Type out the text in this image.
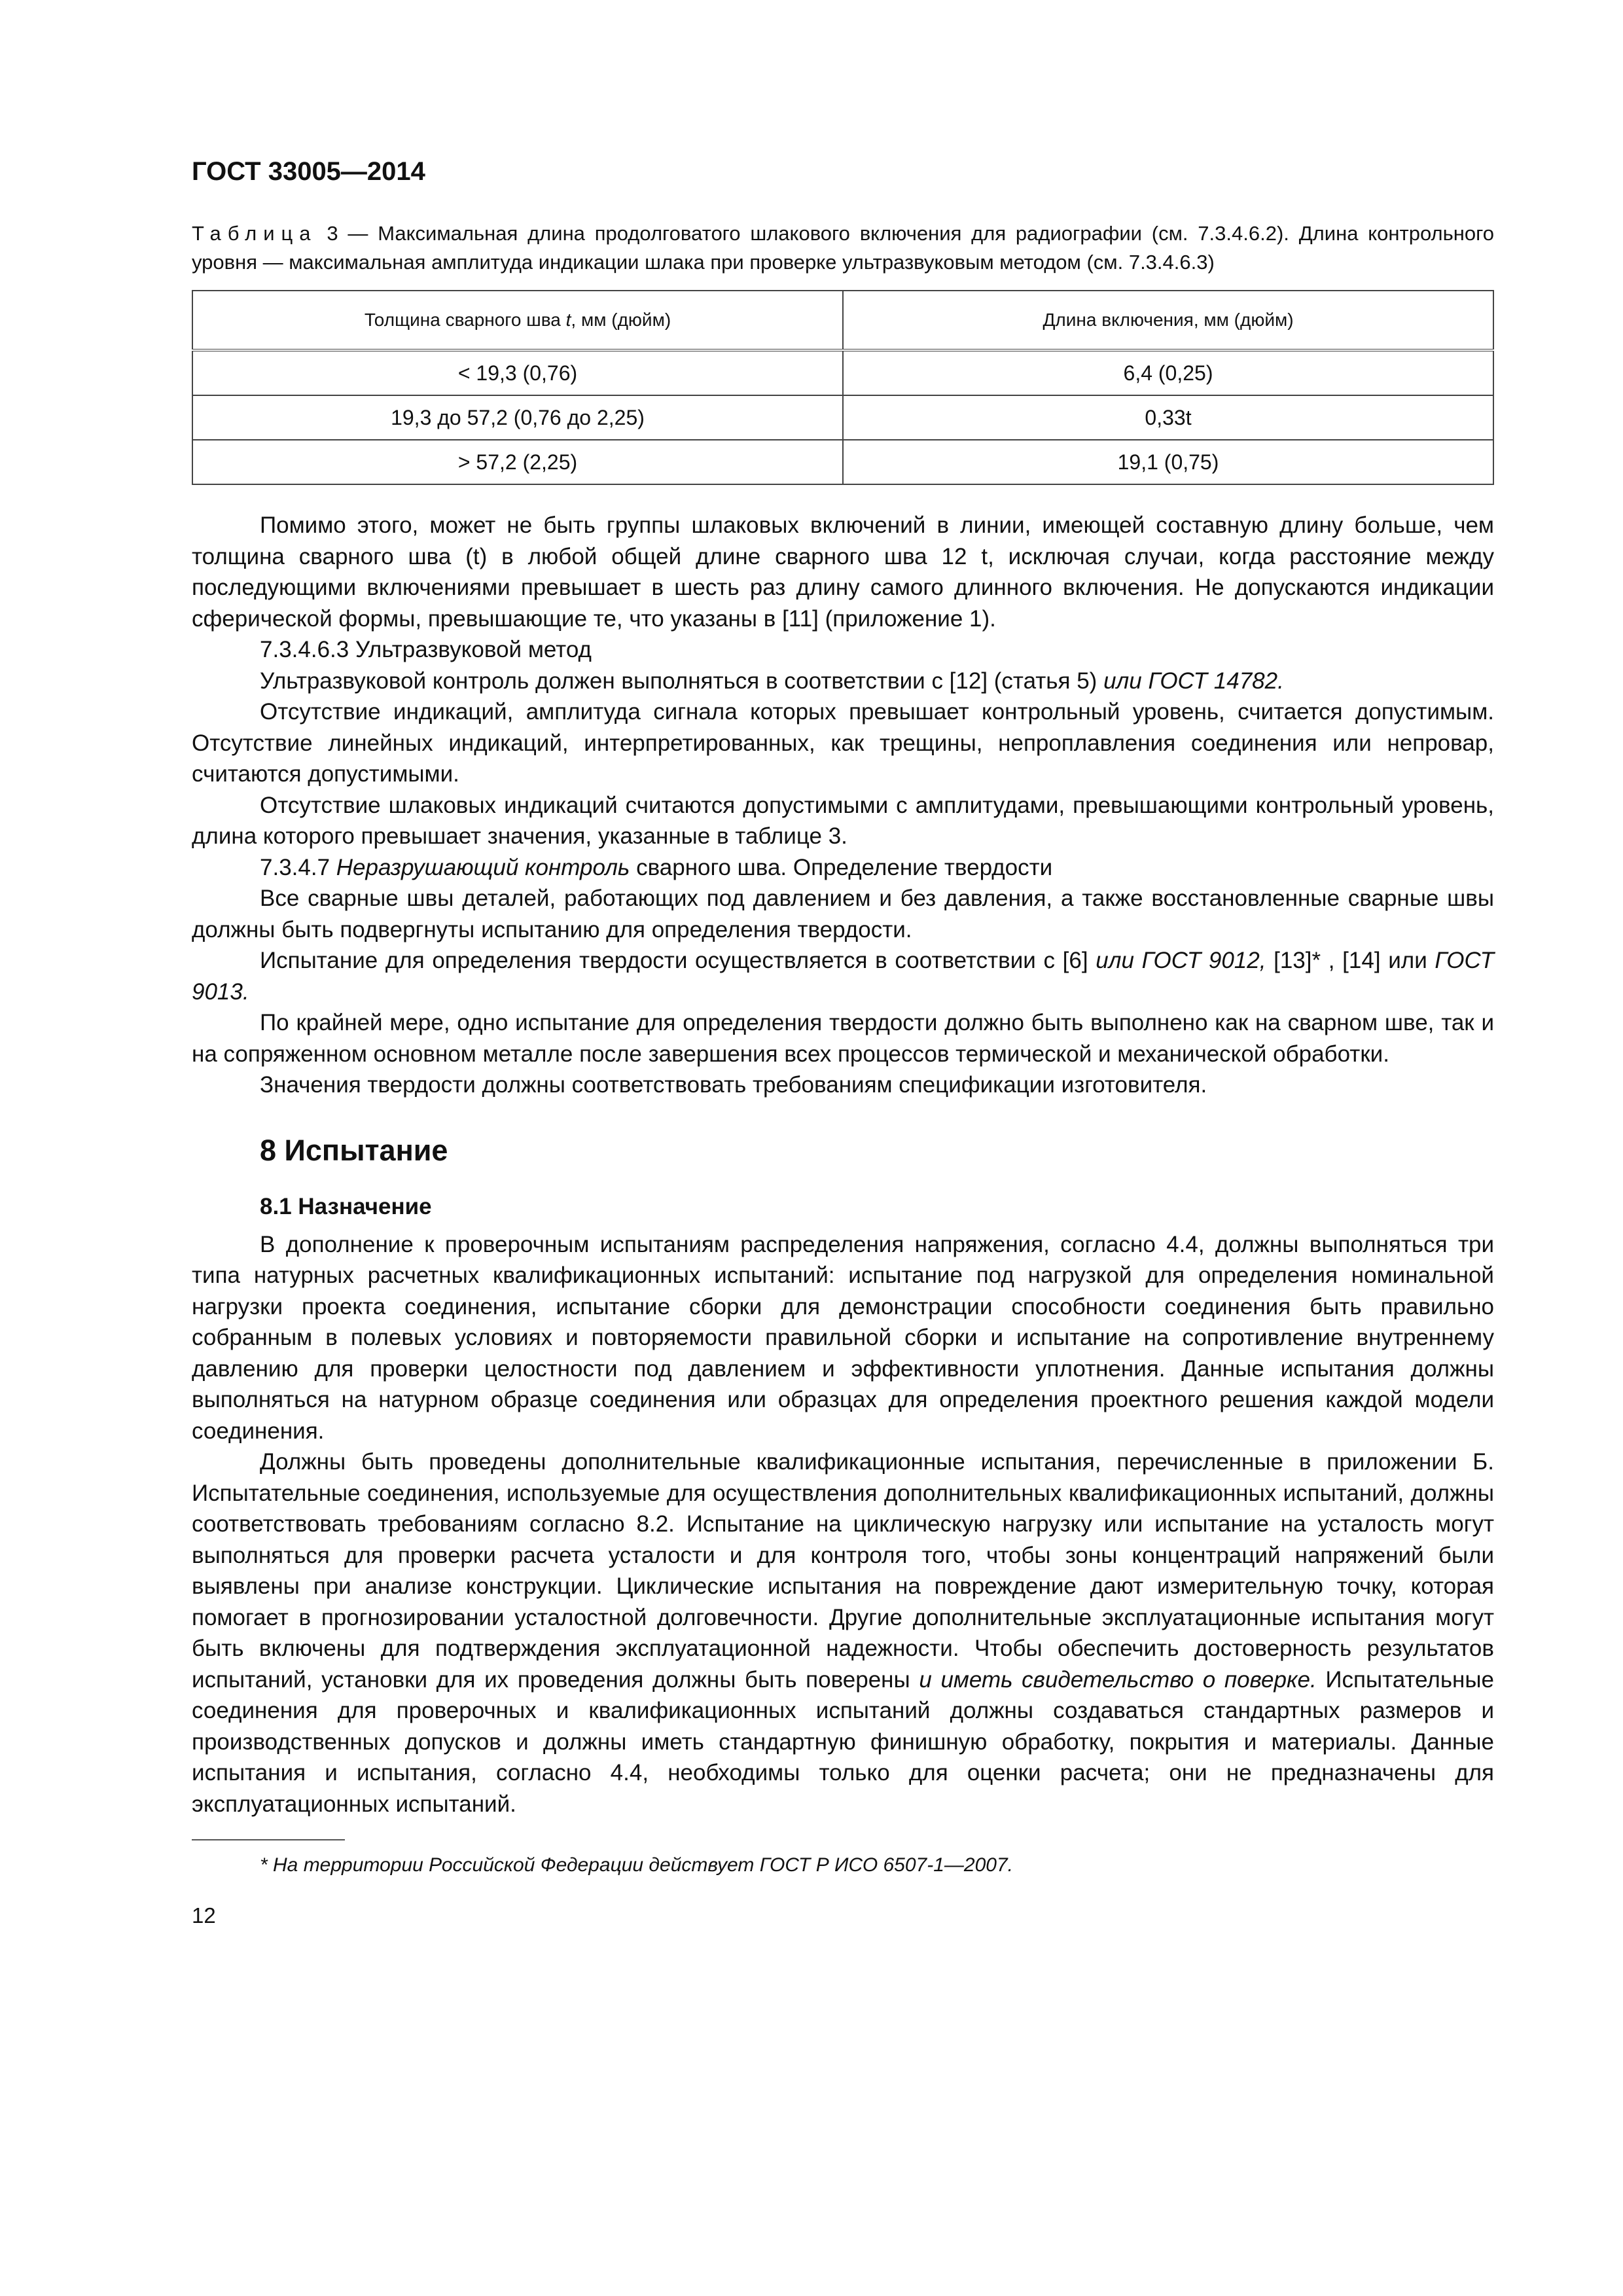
ГОСТ 33005—2014
Таблица 3 — Максимальная длина продолговатого шлакового включения для радиографии (см. 7.3.4.6.2). Длина контрольного уровня — максимальная амплитуда индикации шлака при проверке ультразвуковым методом (см. 7.3.4.6.3)
Толщина сварного шва t, мм (дюйм)	Длина включения, мм (дюйм)
< 19,3 (0,76)	6,4 (0,25)
19,3 до 57,2 (0,76 до 2,25)	0,33t
> 57,2 (2,25)	19,1 (0,75)

Помимо этого, может не быть группы шлаковых включений в линии, имеющей составную длину больше, чем толщина сварного шва (t) в любой общей длине сварного шва 12 t, исключая случаи, когда расстояние между последующими включениями превышает в шесть раз длину самого длинного включения. Не допускаются индикации сферической формы, превышающие те, что указаны в [11] (приложение 1).

7.3.4.6.3 Ультразвуковой метод

Ультразвуковой контроль должен выполняться в соответствии с [12] (статья 5) или ГОСТ 14782.

Отсутствие индикаций, амплитуда сигнала которых превышает контрольный уровень, считается допустимым. Отсутствие линейных индикаций, интерпретированных, как трещины, непроплавления соединения или непровар, считаются допустимыми.

Отсутствие шлаковых индикаций считаются допустимыми с амплитудами, превышающими контрольный уровень, длина которого превышает значения, указанные в таблице 3.

7.3.4.7 Неразрушающий контроль сварного шва. Определение твердости

Все сварные швы деталей, работающих под давлением и без давления, а также восстановленные сварные швы должны быть подвергнуты испытанию для определения твердости.

Испытание для определения твердости осуществляется в соответствии с [6] или ГОСТ 9012, [13]* , [14] или ГОСТ 9013.

По крайней мере, одно испытание для определения твердости должно быть выполнено как на сварном шве, так и на сопряженном основном металле после завершения всех процессов термической и механической обработки.

Значения твердости должны соответствовать требованиям спецификации изготовителя.

8 Испытание
8.1 Назначение

В дополнение к проверочным испытаниям распределения напряжения, согласно 4.4, должны выполняться три типа натурных расчетных квалификационных испытаний: испытание под нагрузкой для определения номинальной нагрузки проекта соединения, испытание сборки для демонстрации способности соединения быть правильно собранным в полевых условиях и повторяемости правильной сборки и испытание на сопротивление внутреннему давлению для проверки целостности под давлением и эффективности уплотнения. Данные испытания должны выполняться на натурном образце соединения или образцах для определения проектного решения каждой модели соединения.

Должны быть проведены дополнительные квалификационные испытания, перечисленные в приложении Б. Испытательные соединения, используемые для осуществления дополнительных квалификационных испытаний, должны соответствовать требованиям согласно 8.2. Испытание на циклическую нагрузку или испытание на усталость могут выполняться для проверки расчета усталости и для контроля того, чтобы зоны концентраций напряжений были выявлены при анализе конструкции. Циклические испытания на повреждение дают измерительную точку, которая помогает в прогнозировании усталостной долговечности. Другие дополнительные эксплуатационные испытания могут быть включены для подтверждения эксплуатационной надежности. Чтобы обеспечить достоверность результатов испытаний, установки для их проведения должны быть поверены и иметь свидетельство о поверке. Испытательные соединения для проверочных и квалификационных испытаний должны создаваться стандартных размеров и производственных допусков и должны иметь стандартную финишную обработку, покрытия и материалы. Данные испытания и испытания, согласно 4.4, необходимы только для оценки расчета; они не предназначены для эксплуатационных испытаний.

* На территории Российской Федерации действует ГОСТ Р ИСО 6507-1—2007.
12
